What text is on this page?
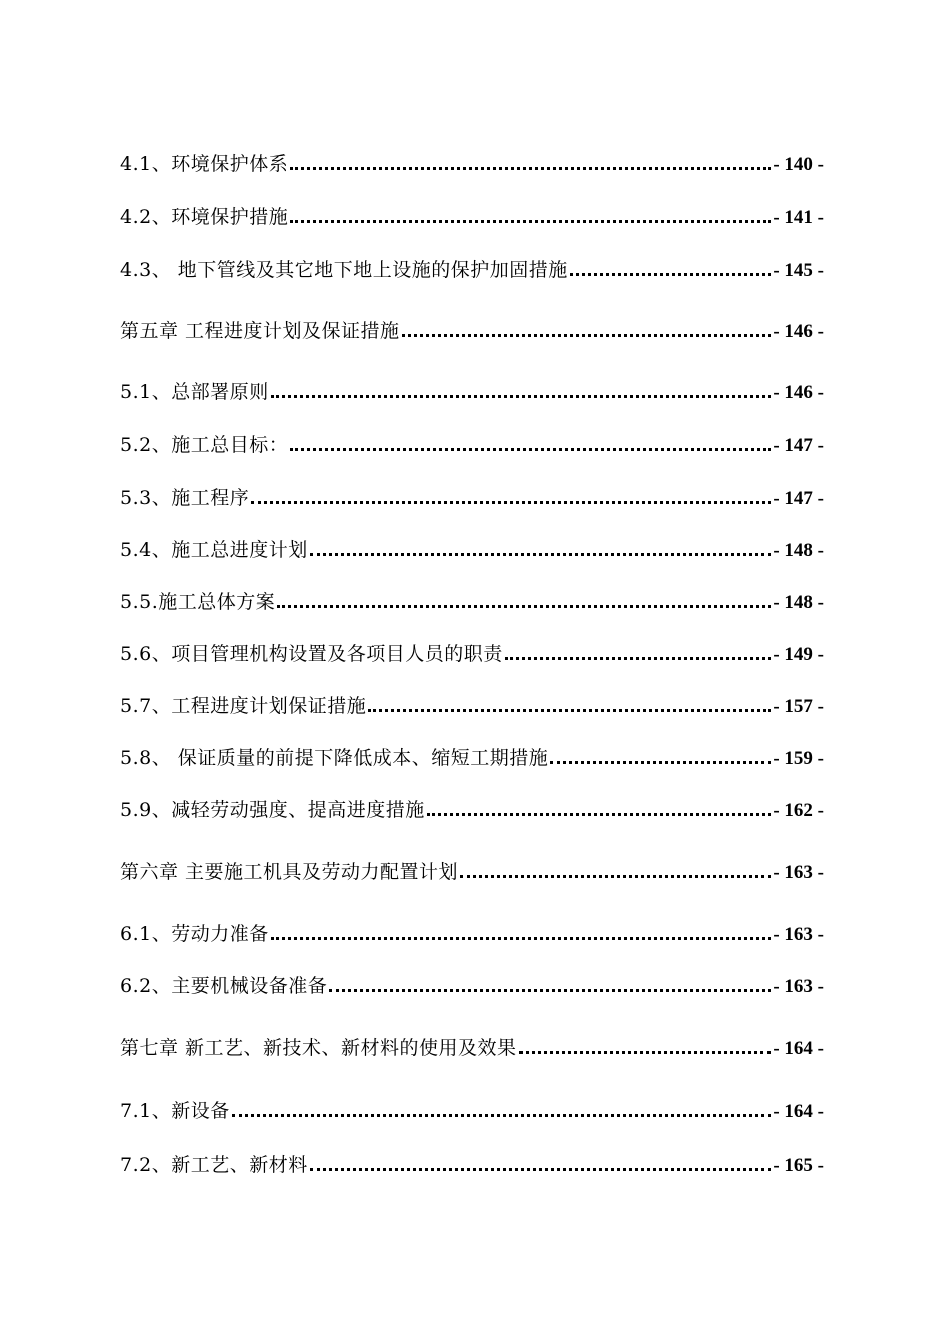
4.1、环境保护体系	- 140 -
4.2、环境保护措施	- 141 -
4.3、 地下管线及其它地下地上设施的保护加固措施	- 145 -
第五章 工程进度计划及保证措施	- 146 -
5.1、总部署原则	- 146 -
5.2、施工总目标：	- 147 -
5.3、施工程序	- 147 -
5.4、施工总进度计划	- 148 -
5.5.施工总体方案	- 148 -
5.6、项目管理机构设置及各项目人员的职责	- 149 -
5.7、工程进度计划保证措施	- 157 -
5.8、 保证质量的前提下降低成本、缩短工期措施	- 159 -
5.9、减轻劳动强度、提高进度措施	- 162 -
第六章 主要施工机具及劳动力配置计划	- 163 -
6.1、劳动力准备	- 163 -
6.2、主要机械设备准备	- 163 -
第七章 新工艺、新技术、新材料的使用及效果	- 164 -
7.1、新设备	- 164 -
7.2、新工艺、新材料	- 165 -
